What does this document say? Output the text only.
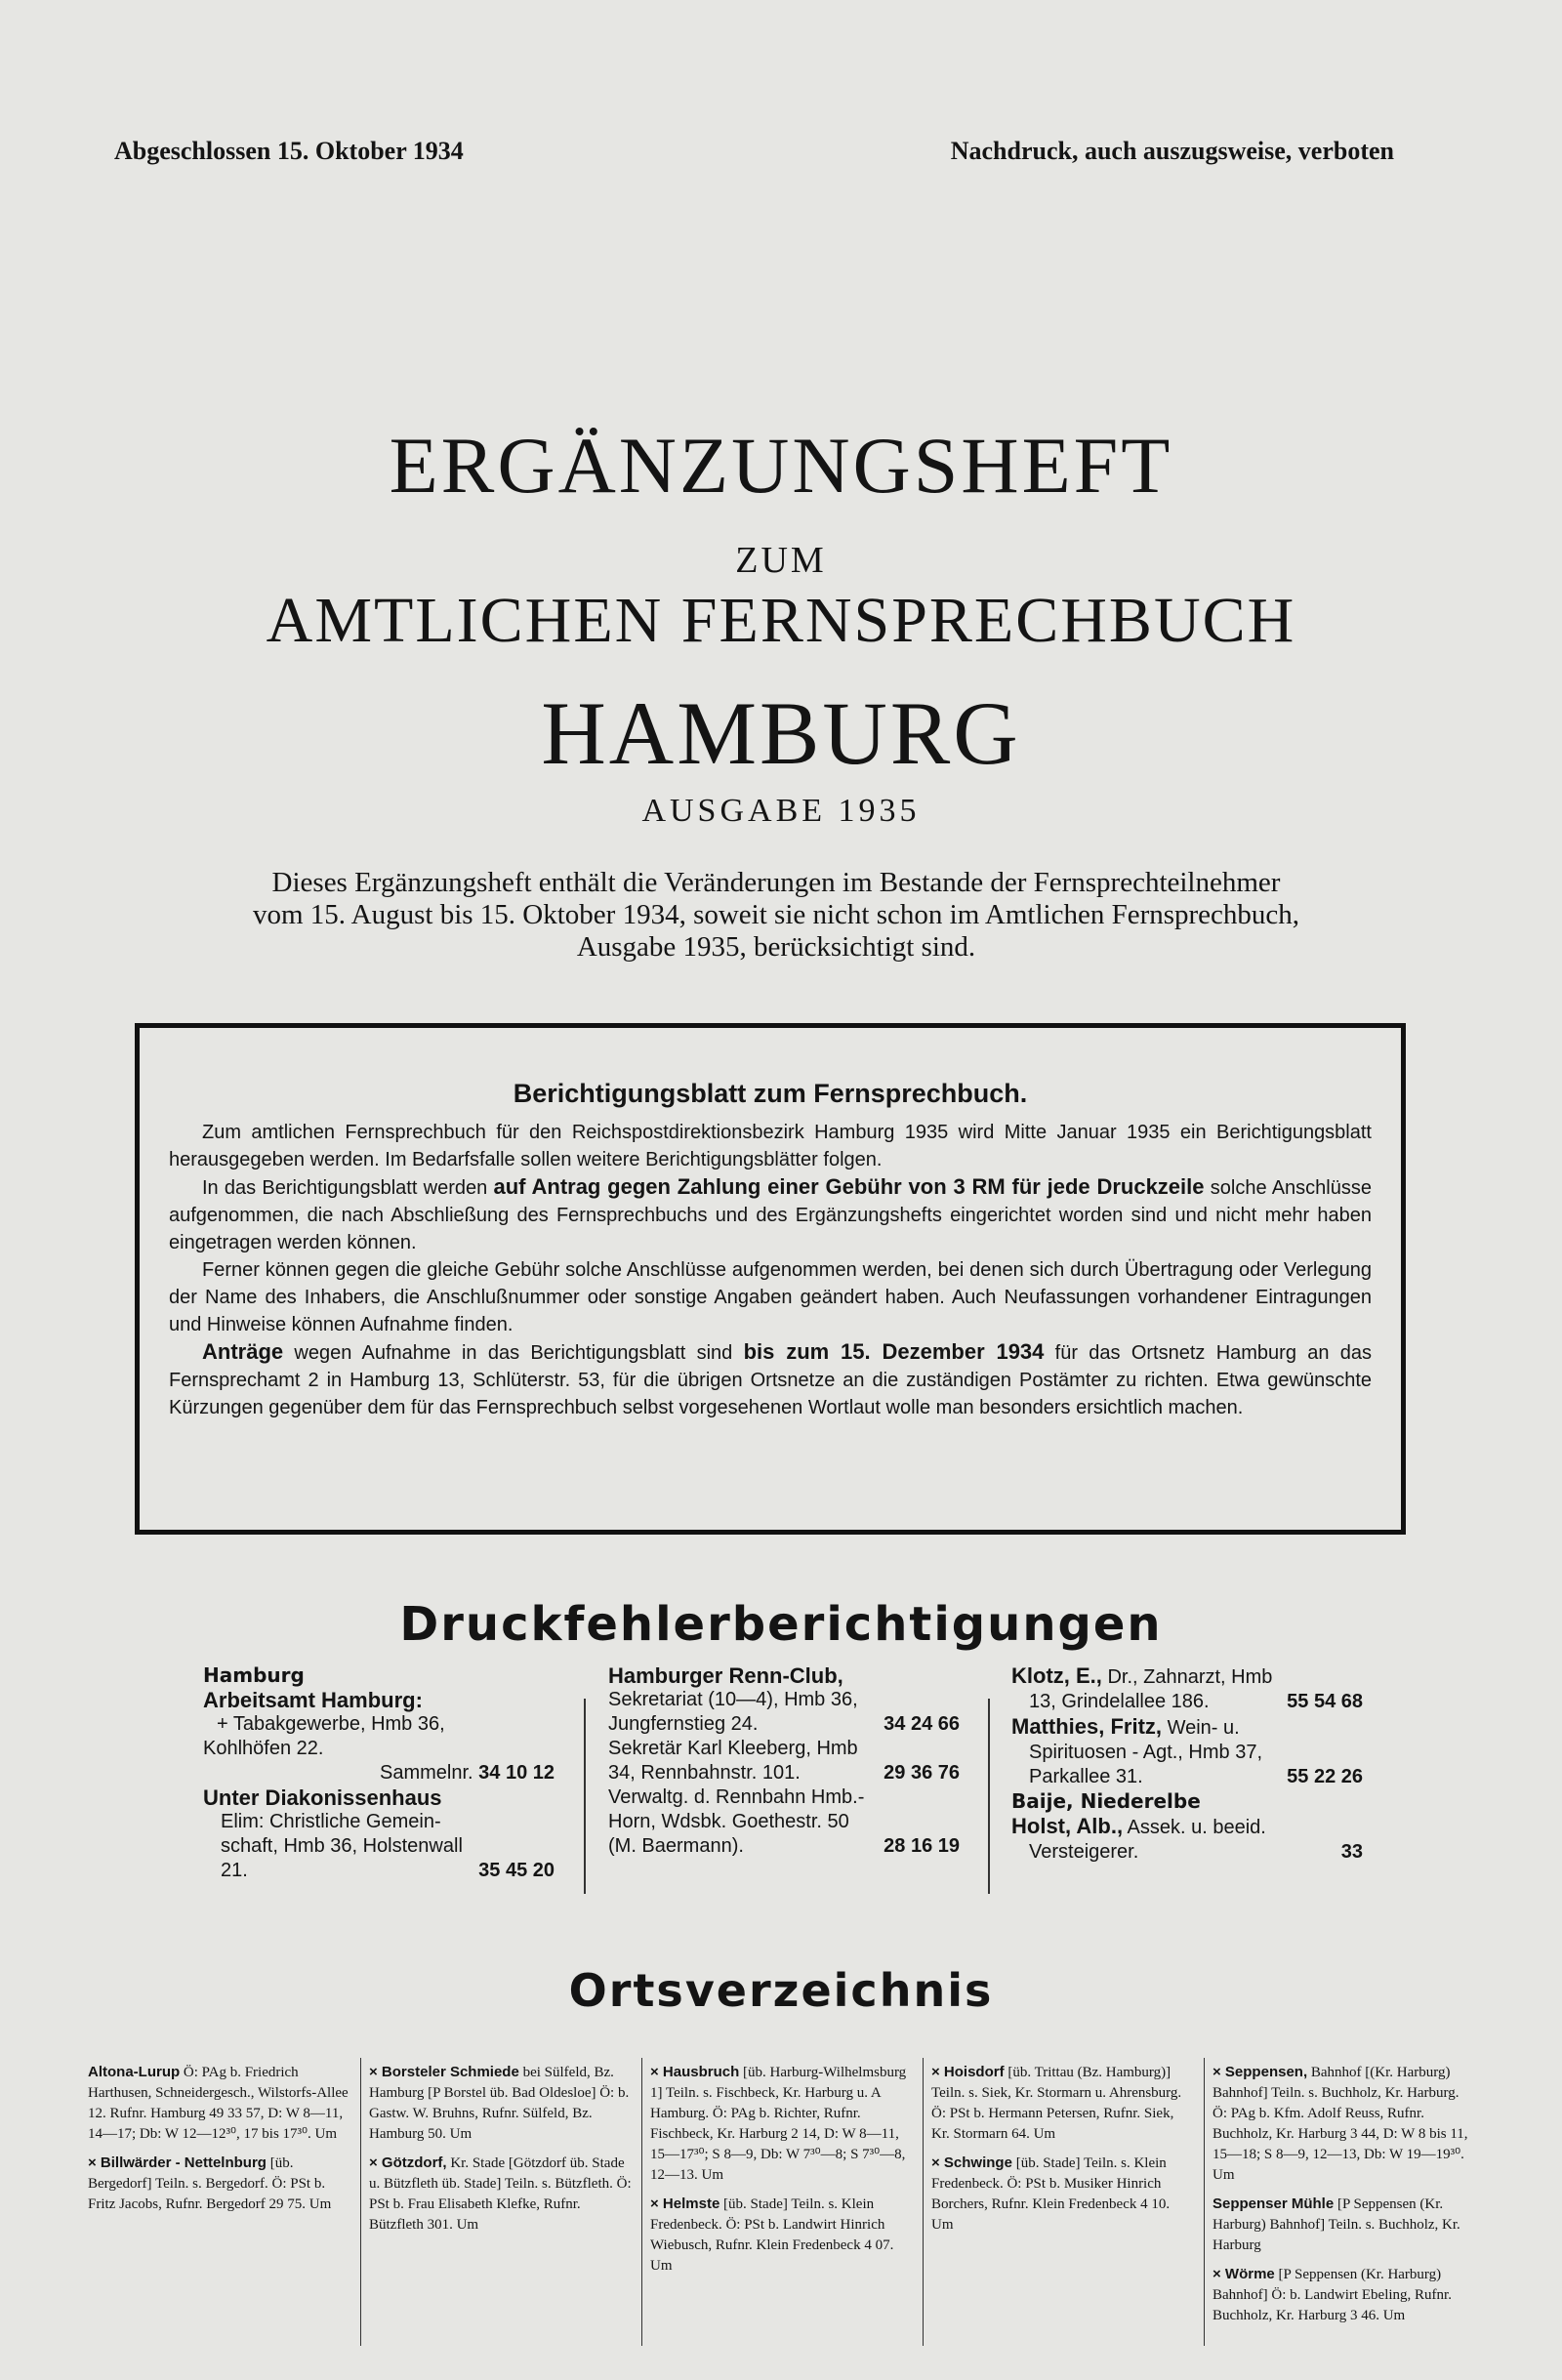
Abgeschlossen 15. Oktober 1934	Nachdruck, auch auszugsweise, verboten
ERGÄNZUNGSHEFT
ZUM
AMTLICHEN FERNSPRECHBUCH
HAMBURG
AUSGABE 1935
Dieses Ergänzungsheft enthält die Veränderungen im Bestande der Fernsprechteilnehmer
vom 15. August bis 15. Oktober 1934, soweit sie nicht schon im Amtlichen Fernsprechbuch,
Ausgabe 1935, berücksichtigt sind.
Berichtigungsblatt zum Fernsprechbuch.

Zum amtlichen Fernsprechbuch für den Reichspostdirektionsbezirk Hamburg 1935 wird Mitte Januar 1935 ein Berichtigungsblatt herausgegeben werden. Im Bedarfsfalle sollen weitere Berichtigungsblätter folgen.

In das Berichtigungsblatt werden auf Antrag gegen Zahlung einer Gebühr von 3 RM für jede Druckzeile solche Anschlüsse aufgenommen, die nach Abschließung des Fernsprechbuchs und des Ergänzungshefts eingerichtet worden sind und nicht mehr haben eingetragen werden können.

Ferner können gegen die gleiche Gebühr solche Anschlüsse aufgenommen werden, bei denen sich durch Übertragung oder Verlegung der Name des Inhabers, die Anschlußnummer oder sonstige Angaben geändert haben. Auch Neufassungen vorhandener Eintragungen und Hinweise können Aufnahme finden.

Anträge wegen Aufnahme in das Berichtigungsblatt sind bis zum 15. Dezember 1934 für das Ortsnetz Hamburg an das Fernsprechamt 2 in Hamburg 13, Schlüterstr. 53, für die übrigen Ortsnetze an die zuständigen Postämter zu richten. Etwa gewünschte Kürzungen gegenüber dem für das Fernsprechbuch selbst vorgesehenen Wortlaut wolle man besonders ersichtlich machen.

Druckfehlerberichtigungen
Hamburg
Arbeitsamt Hamburg:
+ Tabakgewerbe, Hmb 36,
Kohlhöfen 22.
Sammelnr. 34 10 12
Unter Diakonissenhaus
Elim: Christliche Gemein-
schaft, Hmb 36, Holstenwall
21.	35 45 20
Hamburger Renn-Club,
Sekretariat (10—4), Hmb 36,
Jungfernstieg 24.	34 24 66
Sekretär Karl Kleeberg, Hmb
34, Rennbahnstr. 101.	29 36 76
Verwaltg. d. Rennbahn Hmb.-
Horn, Wdsbk. Goethestr. 50
(M. Baermann).	28 16 19
Klotz, E., Dr., Zahnarzt, Hmb
13, Grindelallee 186.	55 54 68
Matthies, Fritz, Wein- u.
Spirituosen - Agt., Hmb 37,
Parkallee 31.	55 22 26
Baije, Niederelbe
Holst, Alb., Assek. u. beeid.
Versteigerer.	33
Ortsverzeichnis
Altona-Lurup Ö: PAg b. Friedrich Harthusen, Schneidergesch., Wilstorfs-Allee 12. Rufnr. Hamburg 49 33 57, D: W 8—11, 14—17; Db: W 12—12³⁰, 17 bis 17³⁰. Um
× Billwärder - Nettelnburg [üb. Bergedorf] Teiln. s. Bergedorf. Ö: PSt b. Fritz Jacobs, Rufnr. Bergedorf 29 75. Um
× Borsteler Schmiede bei Sülfeld, Bz. Hamburg [P Borstel üb. Bad Oldesloe] Ö: b. Gastw. W. Bruhns, Rufnr. Sülfeld, Bz. Hamburg 50. Um
× Götzdorf, Kr. Stade [Götzdorf üb. Stade u. Bützfleth üb. Stade] Teiln. s. Bützfleth. Ö: PSt b. Frau Elisabeth Klefke, Rufnr. Bützfleth 301. Um
× Hausbruch [üb. Harburg-Wilhelmsburg 1] Teiln. s. Fischbeck, Kr. Harburg u. A Hamburg. Ö: PAg b. Richter, Rufnr. Fischbeck, Kr. Harburg 2 14, D: W 8—11, 15—17³⁰; S 8—9, Db: W 7³⁰—8; S 7³⁰—8, 12—13. Um
× Helmste [üb. Stade] Teiln. s. Klein Fredenbeck. Ö: PSt b. Landwirt Hinrich Wiebusch, Rufnr. Klein Fredenbeck 4 07. Um
× Hoisdorf [üb. Trittau (Bz. Hamburg)] Teiln. s. Siek, Kr. Stormarn u. Ahrensburg. Ö: PSt b. Hermann Petersen, Rufnr. Siek, Kr. Stormarn 64. Um
× Schwinge [üb. Stade] Teiln. s. Klein Fredenbeck. Ö: PSt b. Musiker Hinrich Borchers, Rufnr. Klein Fredenbeck 4 10. Um
× Seppensen, Bahnhof [(Kr. Harburg) Bahnhof] Teiln. s. Buchholz, Kr. Harburg. Ö: PAg b. Kfm. Adolf Reuss, Rufnr. Buchholz, Kr. Harburg 3 44, D: W 8 bis 11, 15—18; S 8—9, 12—13, Db: W 19—19³⁰. Um
Seppenser Mühle [P Seppensen (Kr. Harburg) Bahnhof] Teiln. s. Buchholz, Kr. Harburg
× Wörme [P Seppensen (Kr. Harburg) Bahnhof] Ö: b. Landwirt Ebeling, Rufnr. Buchholz, Kr. Harburg 3 46. Um
